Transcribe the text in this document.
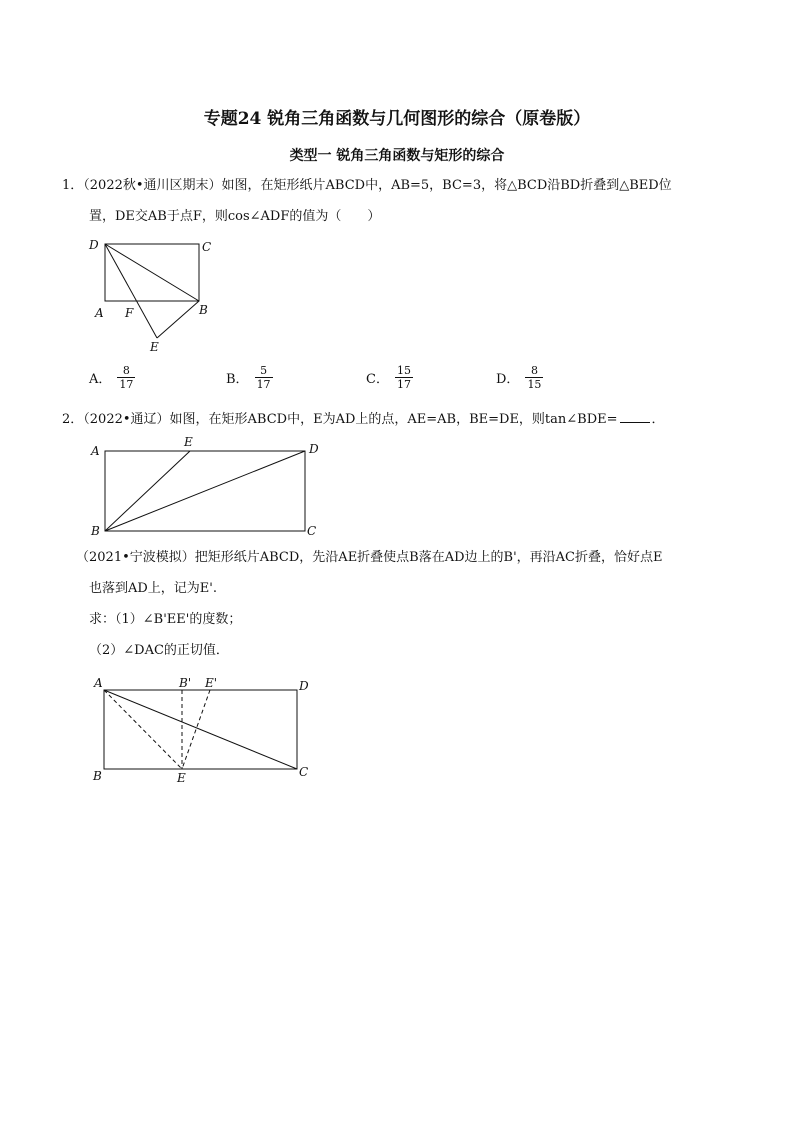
专题24 锐角三角函数与几何图形的综合（原卷版）
类型一 锐角三角函数与矩形的综合
1．（2022秋•通川区期末）如图，在矩形纸片ABCD中，AB=5，BC=3，将△BCD沿BD折叠到△BED位
置，DE交AB于点F，则cos∠ADF的值为（　　）
D	C
A F	B
E
A． $\frac{8}{17}$	B． $\frac{5}{17}$	C． $\frac{15}{17}$	D． $\frac{8}{15}$
2．（2022•通辽）如图，在矩形ABCD中，E为AD上的点，AE=AB，BE=DE，则tan∠BDE=	．
A
E	D
B	C
（2021•宁波模拟）把矩形纸片ABCD，先沿AE折叠使点B落在AD边上的B'，再沿AC折叠，恰好点E
也落到AD上，记为E'.
求：（1）∠B'EE'的度数；
（2）∠DAC的正切值．
A	B' E'	D
B	E	C
